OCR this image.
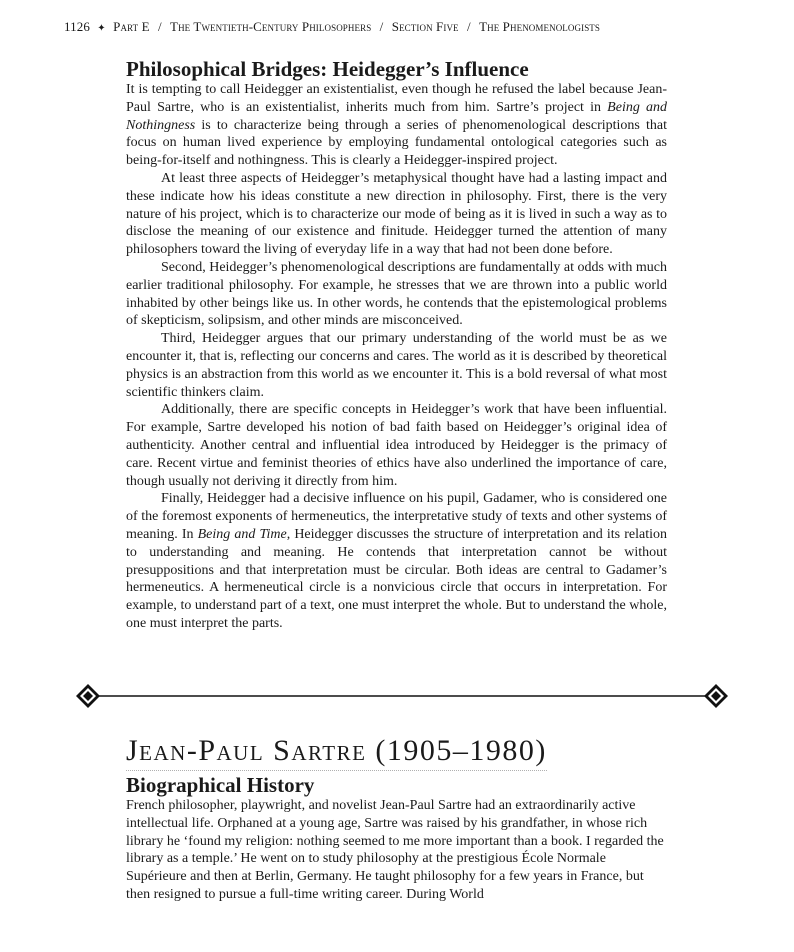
1126 ✦ Part E / The Twentieth-Century Philosophers / Section Five / The Phenomenologists
Philosophical Bridges: Heidegger’s Influence

It is tempting to call Heidegger an existentialist, even though he refused the label because Jean-Paul Sartre, who is an existentialist, inherits much from him. Sartre’s project in Being and Nothingness is to characterize being through a series of phenomenological descriptions that focus on human lived experience by employing fundamental ontological categories such as being-for-itself and nothingness. This is clearly a Heidegger-inspired project.

At least three aspects of Heidegger’s metaphysical thought have had a lasting impact and these indicate how his ideas constitute a new direction in philosophy. First, there is the very nature of his project, which is to characterize our mode of being as it is lived in such a way as to disclose the meaning of our existence and finitude. Heidegger turned the attention of many philosophers toward the living of everyday life in a way that had not been done before.

Second, Heidegger’s phenomenological descriptions are fundamentally at odds with much earlier traditional philosophy. For example, he stresses that we are thrown into a public world inhabited by other beings like us. In other words, he contends that the epistemological problems of skepticism, solipsism, and other minds are misconceived.

Third, Heidegger argues that our primary understanding of the world must be as we encounter it, that is, reflecting our concerns and cares. The world as it is described by theoretical physics is an abstraction from this world as we encounter it. This is a bold reversal of what most scientific thinkers claim.

Additionally, there are specific concepts in Heidegger’s work that have been influential. For example, Sartre developed his notion of bad faith based on Heidegger’s original idea of authenticity. Another central and influential idea introduced by Heidegger is the primacy of care. Recent virtue and feminist theories of ethics have also underlined the importance of care, though usually not deriving it directly from him.

Finally, Heidegger had a decisive influence on his pupil, Gadamer, who is considered one of the foremost exponents of hermeneutics, the interpretative study of texts and other systems of meaning. In Being and Time, Heidegger discusses the structure of interpretation and its relation to understanding and meaning. He contends that interpretation cannot be without presuppositions and that interpretation must be circular. Both ideas are central to Gadamer’s hermeneutics. A hermeneutical circle is a nonvicious circle that occurs in interpretation. For example, to understand part of a text, one must interpret the whole. But to understand the whole, one must interpret the parts.

Jean-Paul Sartre (1905–1980)
Biographical History

French philosopher, playwright, and novelist Jean-Paul Sartre had an extraordinarily active intellectual life. Orphaned at a young age, Sartre was raised by his grandfather, in whose rich library he ‘found my religion: nothing seemed to me more important than a book. I regarded the library as a temple.’ He went on to study philosophy at the prestigious École Normale Supérieure and then at Berlin, Germany. He taught philosophy for a few years in France, but then resigned to pursue a full-time writing career. During World
